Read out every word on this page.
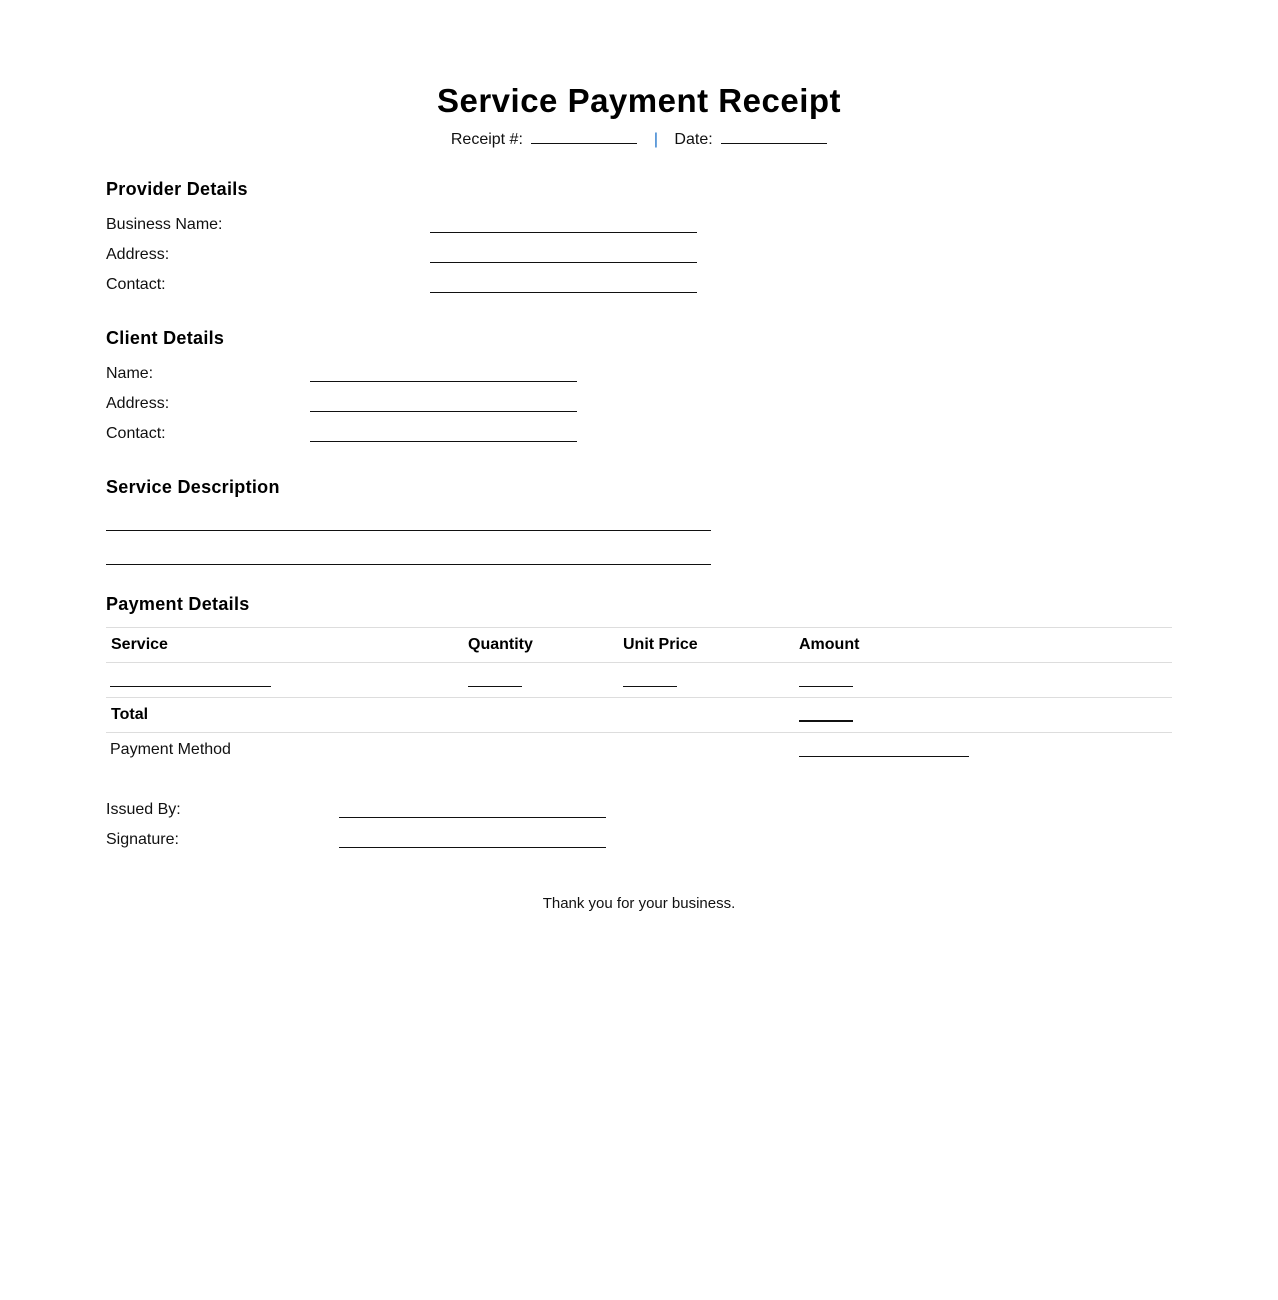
Service Payment Receipt
Receipt #:	| Date:
Provider Details
Business Name:
Address:
Contact:
Client Details
Name:
Address:
Contact:
Service Description
Payment Details
Service	Quantity	Unit Price	Amount
Total
Payment Method
Issued By:
Signature:
Thank you for your business.
